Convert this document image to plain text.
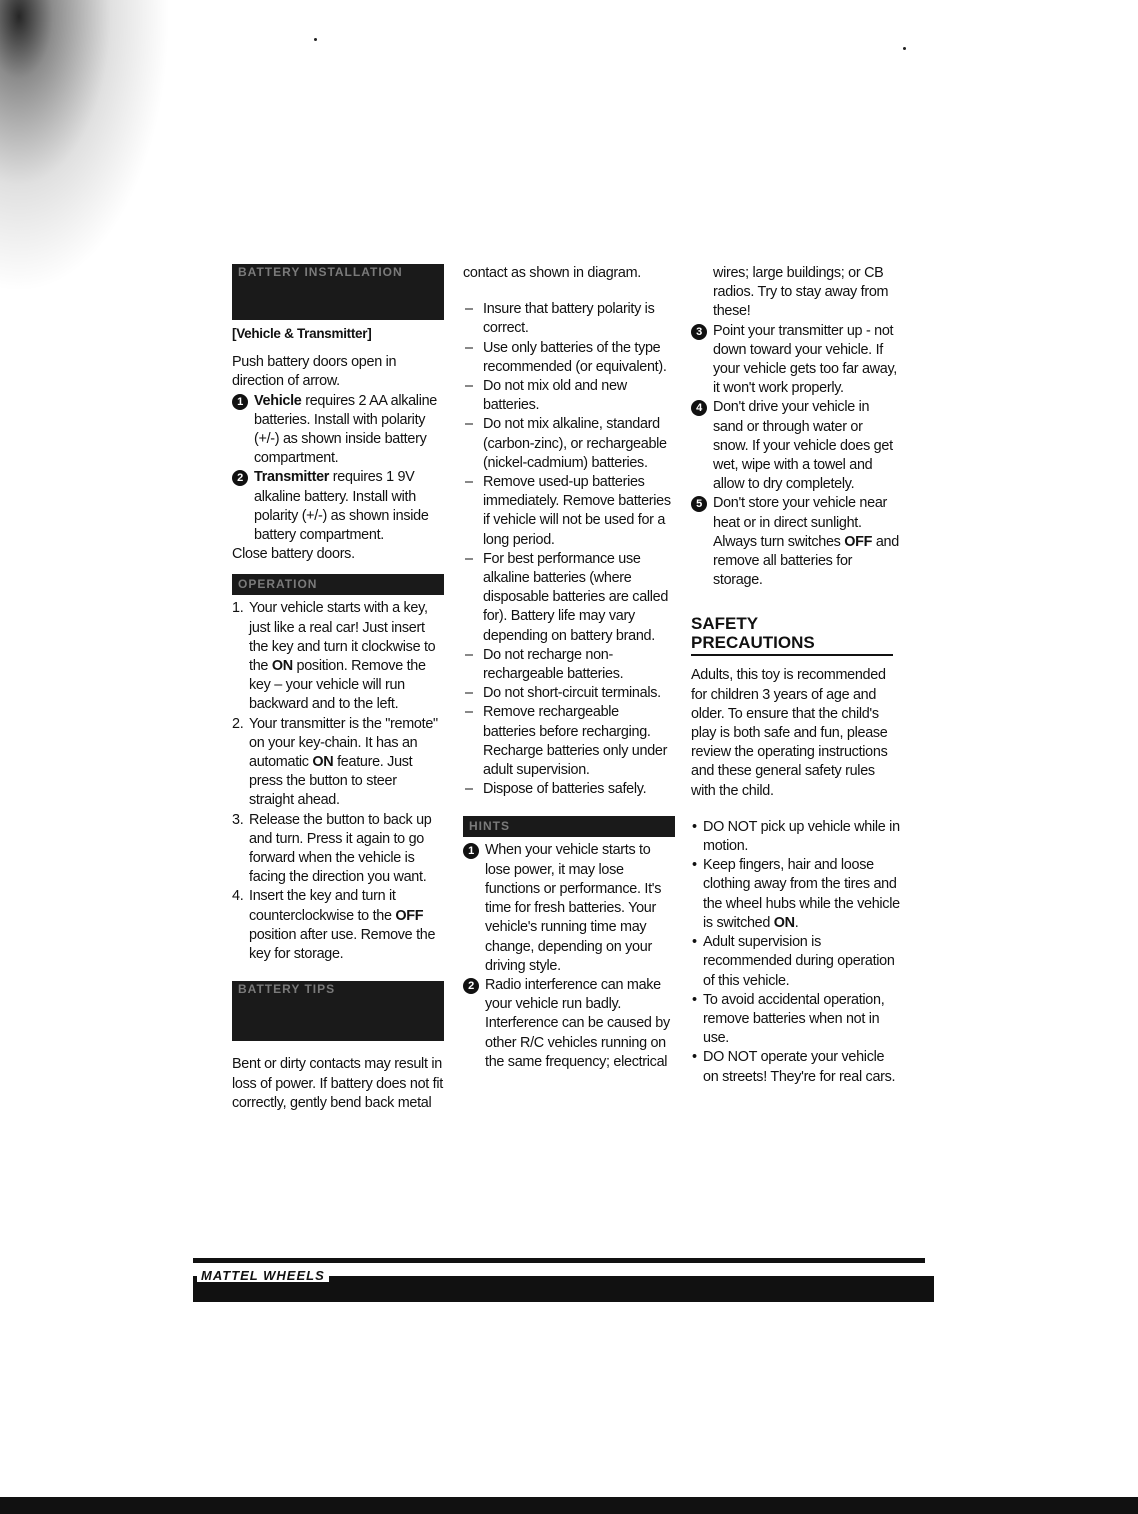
BATTERY INSTALLATION
[Vehicle & Transmitter]

Push battery doors open in direction of arrow.

1 Vehicle requires 2 AA alkaline batteries. Install with polarity (+/-) as shown inside battery compartment.
2 Transmitter requires 1 9V alkaline battery. Install with polarity (+/-) as shown inside battery compartment.

Close battery doors.

OPERATION
1. Your vehicle starts with a key, just like a real car! Just insert the key and turn it clockwise to the ON position. Remove the key – your vehicle will run backward and to the left.
2. Your transmitter is the "remote" on your key-chain. It has an automatic ON feature. Just press the button to steer straight ahead.
3. Release the button to back up and turn. Press it again to go forward when the vehicle is facing the direction you want.
4. Insert the key and turn it counterclockwise to the OFF position after use. Remove the key for storage.
BATTERY TIPS

Bent or dirty contacts may result in loss of power. If battery does not fit correctly, gently bend back metal

contact as shown in diagram.

– Insure that battery polarity is correct.
– Use only batteries of the type recommended (or equivalent).
– Do not mix old and new batteries.
– Do not mix alkaline, standard (carbon-zinc), or rechargeable (nickel-cadmium) batteries.
– Remove used-up batteries immediately. Remove batteries if vehicle will not be used for a long period.
– For best performance use alkaline batteries (where disposable batteries are called for). Battery life may vary depending on battery brand.
– Do not recharge non-rechargeable batteries.
– Do not short-circuit terminals.
– Remove rechargeable batteries before recharging. Recharge batteries only under adult supervision.
– Dispose of batteries safely.
HINTS
1 When your vehicle starts to lose power, it may lose functions or performance. It's time for fresh batteries. Your vehicle's running time may change, depending on your driving style.
2 Radio interference can make your vehicle run badly. Interference can be caused by other R/C vehicles running on the same frequency; electrical

wires; large buildings; or CB radios. Try to stay away from these!

3 Point your transmitter up - not down toward your vehicle. If your vehicle gets too far away, it won't work properly.
4 Don't drive your vehicle in sand or through water or snow. If your vehicle does get wet, wipe with a towel and allow to dry completely.
5 Don't store your vehicle near heat or in direct sunlight. Always turn switches OFF and remove all batteries for storage.
SAFETY
PRECAUTIONS

Adults, this toy is recommended for children 3 years of age and older. To ensure that the child's play is both safe and fun, please review the operating instructions and these general safety rules with the child.

• DO NOT pick up vehicle while in motion.
• Keep fingers, hair and loose clothing away from the tires and the wheel hubs while the vehicle is switched ON.
• Adult supervision is recommended during operation of this vehicle.
• To avoid accidental operation, remove batteries when not in use.
• DO NOT operate your vehicle on streets! They're for real cars.
MATTEL WHEELS
